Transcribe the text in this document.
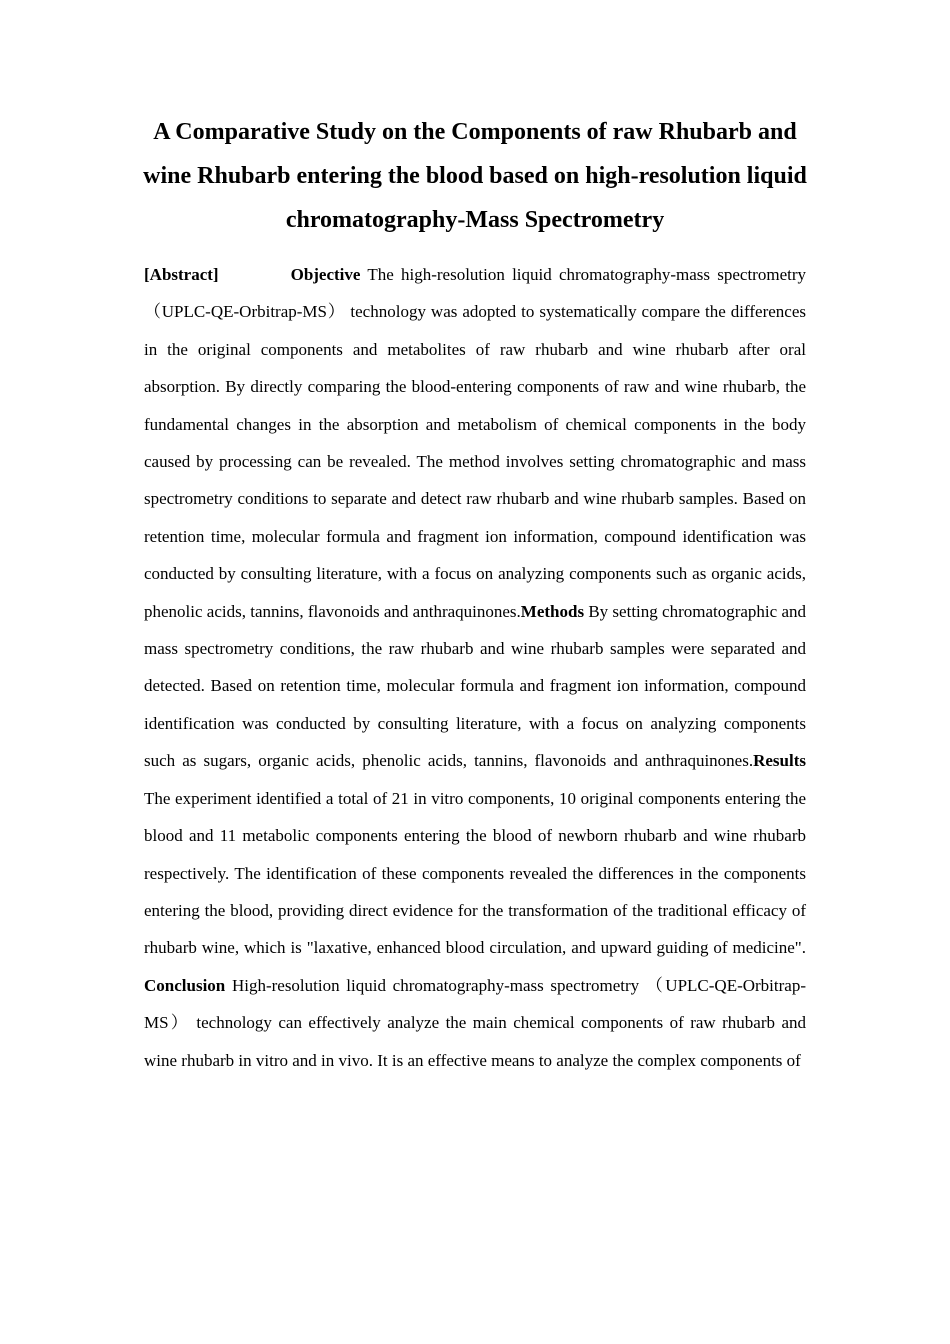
A Comparative Study on the Components of raw Rhubarb and wine Rhubarb entering the blood based on high-resolution liquid chromatography-Mass Spectrometry

[Abstract]	Objective The high-resolution liquid chromatography-mass spectrometry （UPLC-QE-Orbitrap-MS） technology was adopted to systematically compare the differences in the original components and metabolites of raw rhubarb and wine rhubarb after oral absorption. By directly comparing the blood-entering components of raw and wine rhubarb, the fundamental changes in the absorption and metabolism of chemical components in the body caused by processing can be revealed. The method involves setting chromatographic and mass spectrometry conditions to separate and detect raw rhubarb and wine rhubarb samples. Based on retention time, molecular formula and fragment ion information, compound identification was conducted by consulting literature, with a focus on analyzing components such as organic acids, phenolic acids, tannins, flavonoids and anthraquinones.Methods By setting chromatographic and mass spectrometry conditions, the raw rhubarb and wine rhubarb samples were separated and detected. Based on retention time, molecular formula and fragment ion information, compound identification was conducted by consulting literature, with a focus on analyzing components such as sugars, organic acids, phenolic acids, tannins, flavonoids and anthraquinones.Results The experiment identified a total of 21 in vitro components, 10 original components entering the blood and 11 metabolic components entering the blood of newborn rhubarb and wine rhubarb respectively. The identification of these components revealed the differences in the components entering the blood, providing direct evidence for the transformation of the traditional efficacy of rhubarb wine, which is "laxative, enhanced blood circulation, and upward guiding of medicine". Conclusion High-resolution liquid chromatography-mass spectrometry （UPLC-QE-Orbitrap-MS） technology can effectively analyze the main chemical components of raw rhubarb and wine rhubarb in vitro and in vivo. It is an effective means to analyze the complex components of
